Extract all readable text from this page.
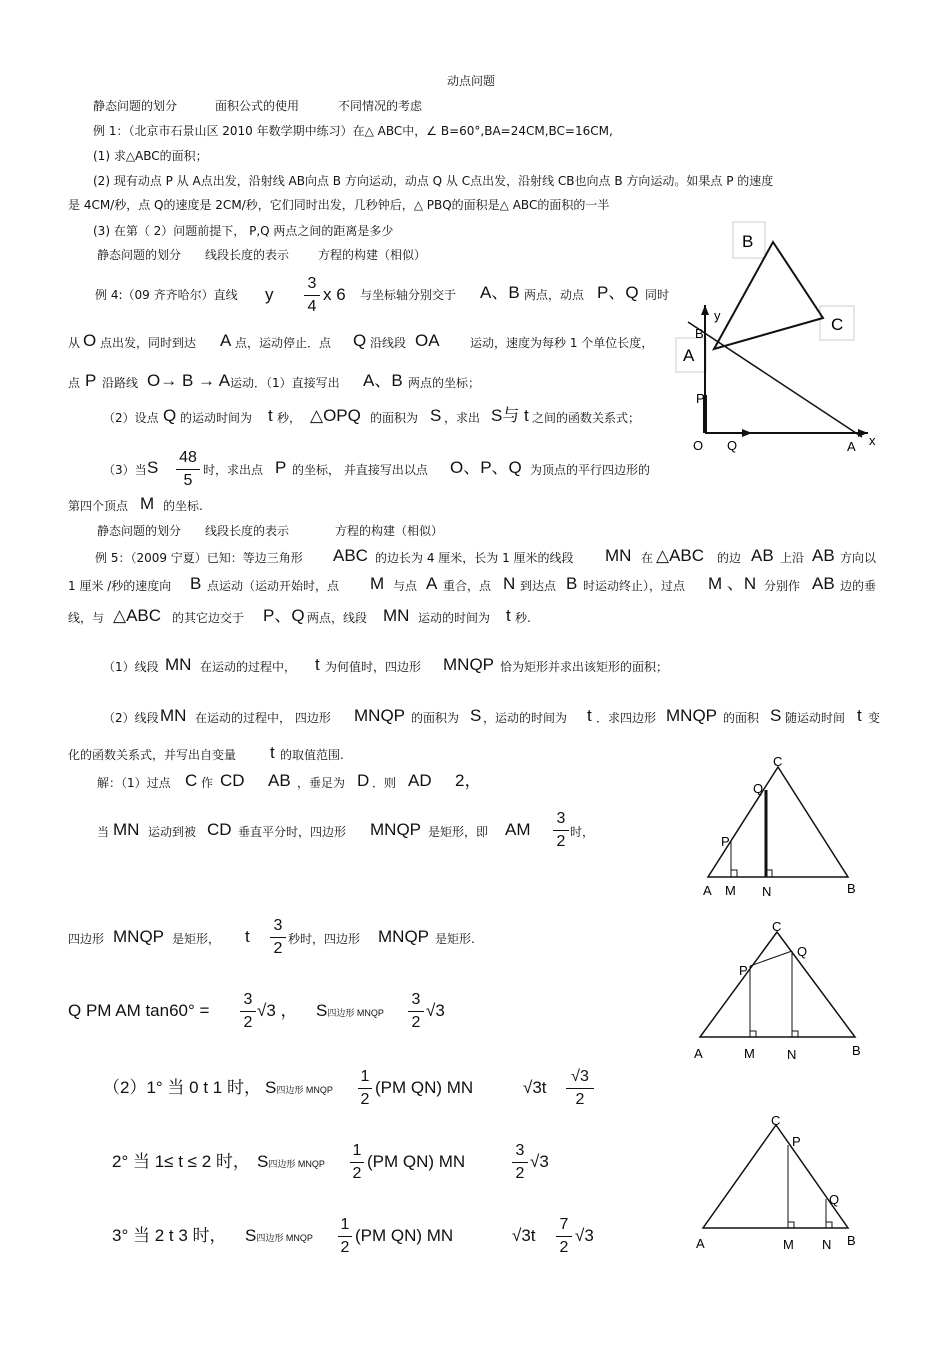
动点问题
静态问题的划分	面积公式的使用	不同情况的考虑
例 1：（北京市石景山区 2010 年数学期中练习）在△ ABC中，∠ B=60°,BA=24CM,BC=16CM,
(1) 求△ABC的面积；
(2) 现有动点 P 从 A点出发，沿射线 AB向点 B 方向运动，动点 Q 从 C点出发，沿射线 CB也向点 B 方向运动。如果点 P 的速度
是 4CM/秒，点 Q的速度是 2CM/秒，它们同时出发，几秒钟后，△ PBQ的面积是△ ABC的面积的一半
(3) 在第（ 2）问题前提下， P,Q 两点之间的距离是多少
静态问题的划分 线段长度的表示 方程的构建（相似）
例 4:（09 齐齐哈尔）直线 y
3
4
x 6 与坐标轴分别交于 A、B 两点，动点 P、Q 同时
从 O 点出发，同时到达 A 点，运动停止．点 Q 沿线段 OA	运动，速度为每秒 1 个单位长度，
点 P 沿路线 O→ B → A 运动．（1）直接写出 A、B 两点的坐标；
（2）设点 Q 的运动时间为 t 秒， △OPQ 的面积为 S ，求出 S与 t 之间的函数关系式；
（3）当 S
48
5
时，求出点 P 的坐标， 并直接写出以点 O、P、Q 为顶点的平行四边形的
第四个顶点 M 的坐标.
静态问题的划分 线段长度的表示	方程的构建（相似）
例 5：（2009 宁夏）已知：等边三角形 ABC 的边长为 4 厘米，长为 1 厘米的线段 MN 在 △ABC 的边 AB 上沿 AB 方向以
1 厘米 /秒的速度向 B 点运动（运动开始时，点 M 与点 A 重合，点 N 到达点 B 时运动终止），过点 M 、N 分别作 AB 边的垂
线，与 △ABC 的其它边交于 P、Q 两点，线段 MN 运动的时间为 t 秒.
（1）线段 MN 在运动的过程中， t 为何值时，四边形 MNQP 恰为矩形并求出该矩形的面积；
（2）线段 MN 在运动的过程中， 四边形 MNQP 的面积为 S ，运动的时间为 t ．求四边形 MNQP 的面积 S 随运动时间 t 变
化的函数关系式，并写出自变量 t 的取值范围.
解：（1）过点 C 作 CD AB ，垂足为 D ．则 AD 2，
当 MN 运动到被 CD 垂直平分时，四边形 MNQP 是矩形，即 AM
3
2
时，
四边形 MNQP 是矩形， t
3
2
秒时，四边形 MNQP 是矩形.
Q PM AM tan60° =
3
2
√3 ， S四边形 MNQP
3
2
√3
（2）1° 当 0 t 1 时， S四边形 MNQP
1
2
(PM QN) MN	√3t
√3
2
2° 当 1≤ t ≤ 2 时， S四边形 MNQP
1
2
(PM QN) MN
3
2
√3
3° 当 2 t 3 时， S四边形 MNQP
1
2
(PM QN) MN	√3t
7
2
√3
B
C
A
y
B
P
O Q	A x
C
Q
P
A M N	B
C
Q
P
A	M N	B
C
P
Q
A	M N B
